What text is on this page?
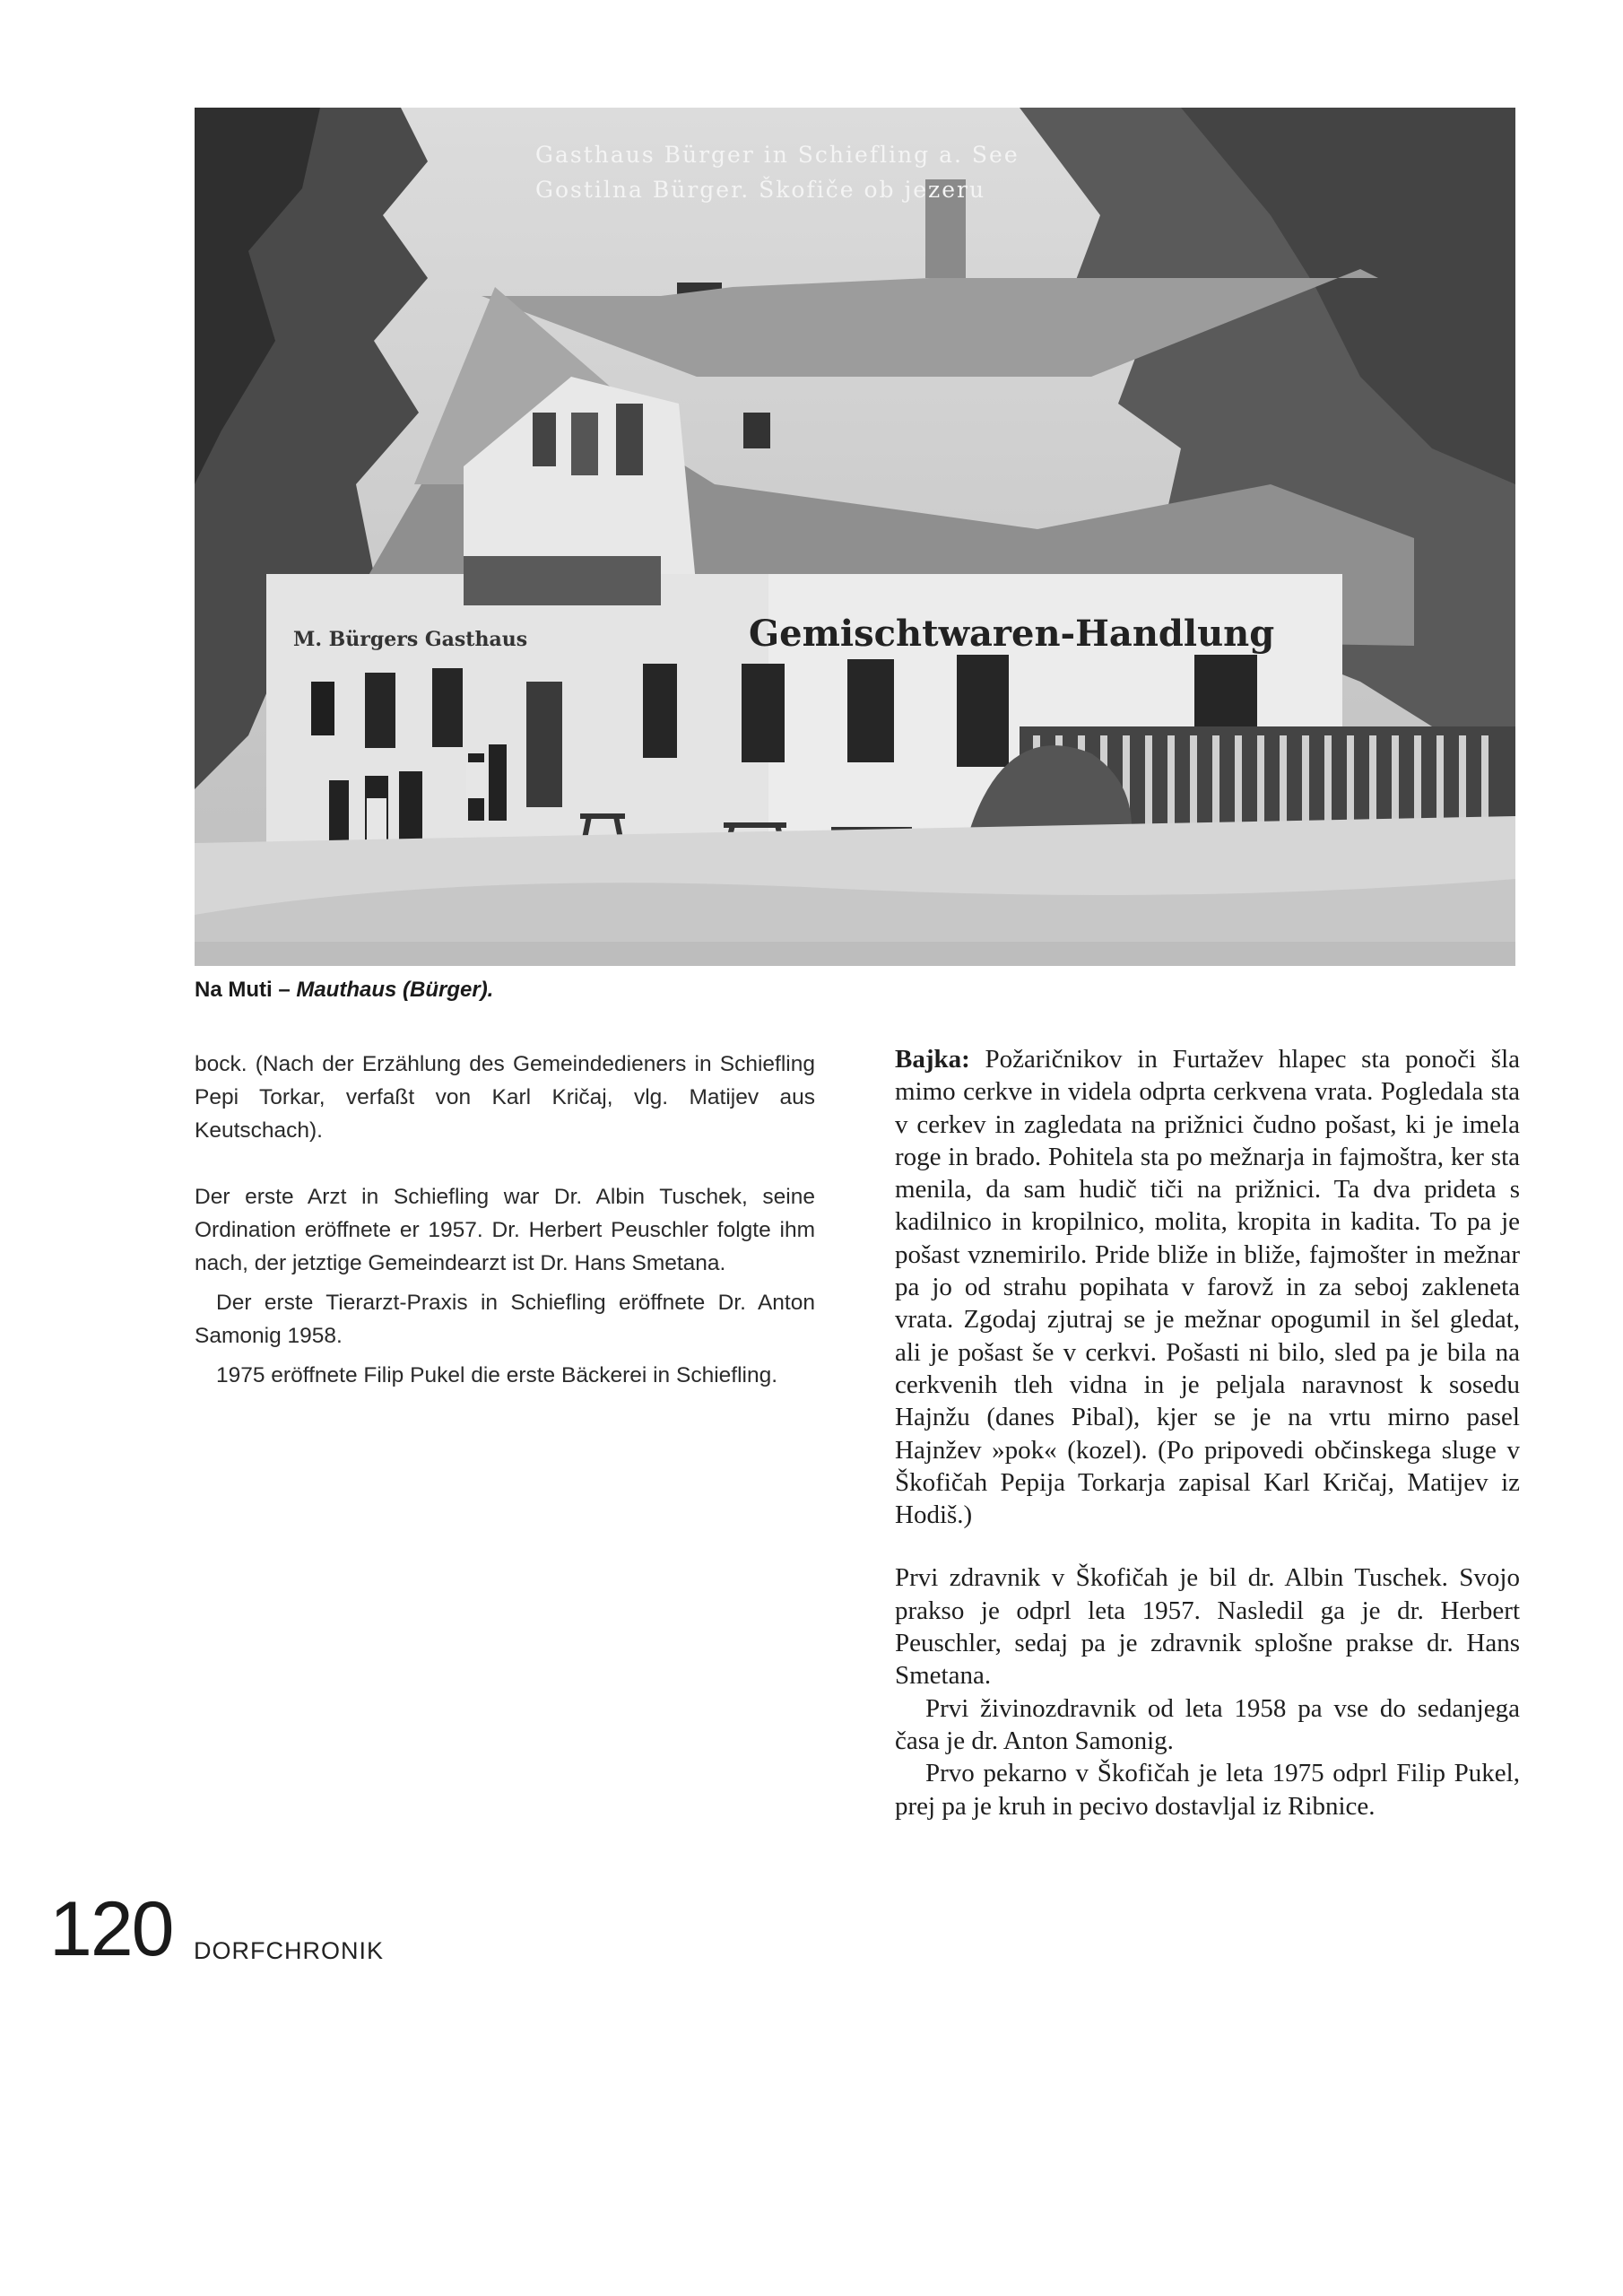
Gemischtwaren-Handlung
M. Bürgers Gasthaus
Gasthaus Bürger in Schiefling a. See
Gostilna Bürger. Škofiče ob jezeru
Na Muti – Mauthaus (Bürger).

bock. (Nach der Erzählung des Gemeindedieners in Schiefling Pepi Torkar, verfaßt von Karl Kričaj, vlg. Matijev aus Keutschach).

Der erste Arzt in Schiefling war Dr. Albin Tuschek, seine Ordination eröffnete er 1957. Dr. Herbert Peuschler folgte ihm nach, der jetztige Gemeindearzt ist Dr. Hans Smetana.

Der erste Tierarzt-Praxis in Schiefling eröffnete Dr. Anton Samonig 1958.

1975 eröffnete Filip Pukel die erste Bäckerei in Schiefling.

Bajka: Požaričnikov in Furtažev hlapec sta ponoči šla mimo cerkve in videla odprta cerkvena vrata. Pogledala sta v cerkev in zagledata na prižnici čudno pošast, ki je imela roge in brado. Pohitela sta po mežnarja in fajmoštra, ker sta menila, da sam hudič tiči na prižnici. Ta dva prideta s kadilnico in kropilnico, molita, kropita in kadita. To pa je pošast vznemirilo. Pride bliže in bliže, fajmošter in mežnar pa jo od strahu popihata v farovž in za seboj zakleneta vrata. Zgodaj zjutraj se je mežnar opogumil in šel gledat, ali je pošast še v cerkvi. Pošasti ni bilo, sled pa je bila na cerkvenih tleh vidna in je peljala naravnost k sosedu Hajnžu (danes Pibal), kjer se je na vrtu mirno pasel Hajnžev »pok« (kozel). (Po pripovedi občinskega sluge v Škofičah Pepija Torkarja zapisal Karl Kričaj, Matijev iz Hodiš.)

Prvi zdravnik v Škofičah je bil dr. Albin Tuschek. Svojo prakso je odprl leta 1957. Nasledil ga je dr. Herbert Peuschler, sedaj pa je zdravnik splošne prakse dr. Hans Smetana.

Prvi živinozdravnik od leta 1958 pa vse do sedanjega časa je dr. Anton Samonig.

Prvo pekarno v Škofičah je leta 1975 odprl Filip Pukel, prej pa je kruh in pecivo dostavljal iz Ribnice.

120 DORFCHRONIK
